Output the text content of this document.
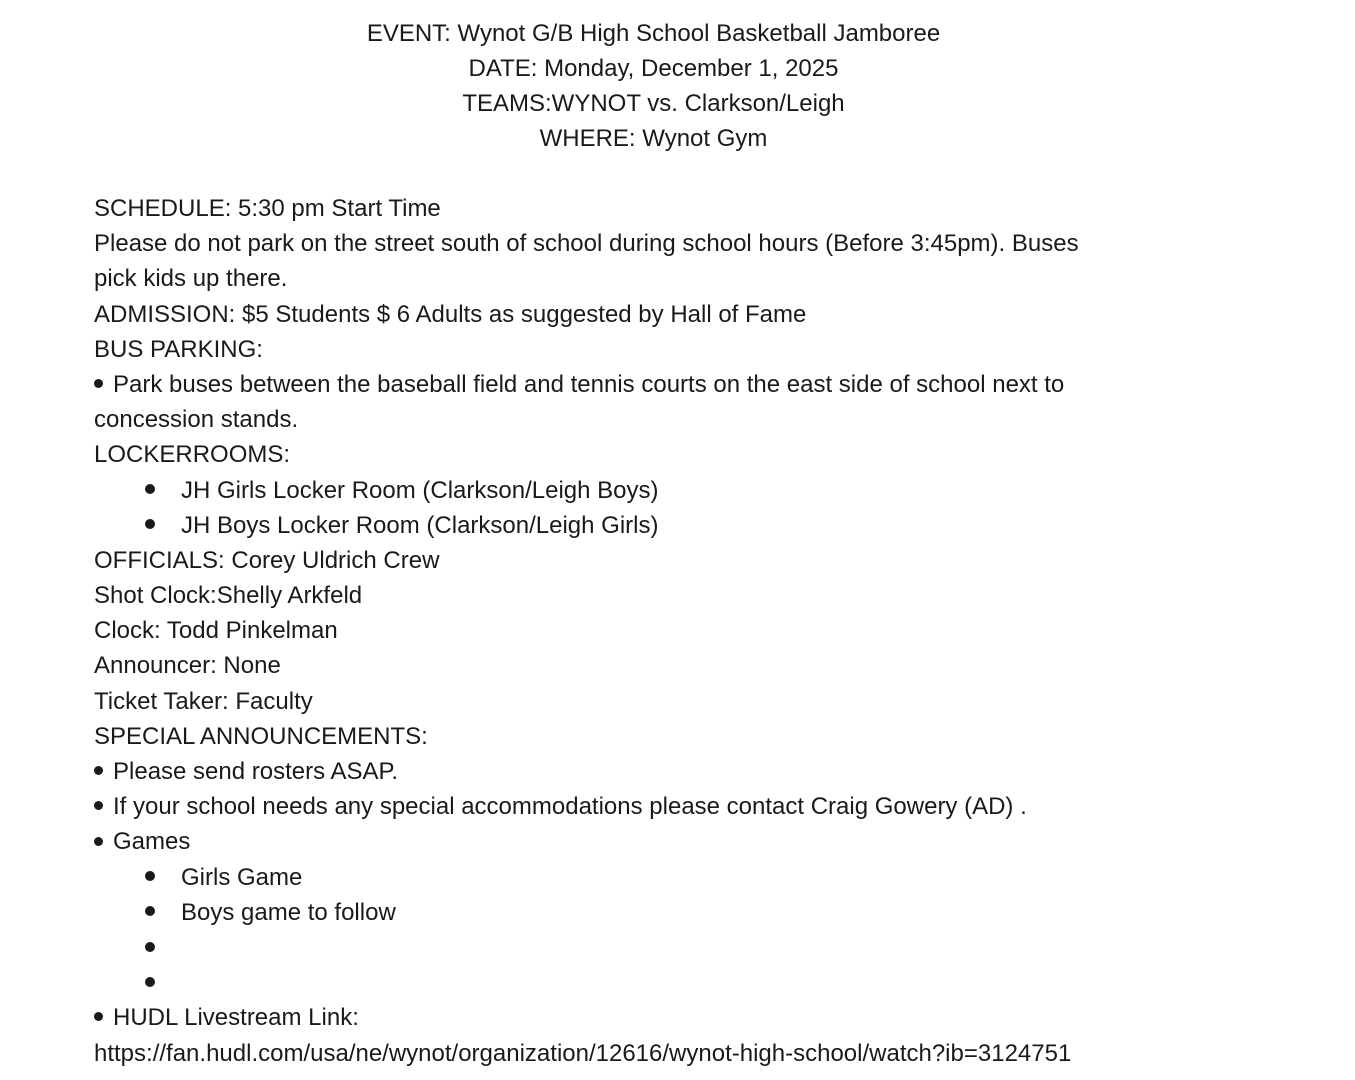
EVENT: Wynot G/B High School Basketball Jamboree
DATE: Monday, December 1, 2025
TEAMS:WYNOT vs. Clarkson/Leigh
WHERE: Wynot Gym
SCHEDULE: 5:30 pm Start Time
Please do not park on the street south of school during school hours (Before 3:45pm). Buses
pick kids up there.
ADMISSION: $5 Students $ 6 Adults as suggested by Hall of Fame
BUS PARKING:
Park buses between the baseball field and tennis courts on the east side of school next to
concession stands.
LOCKERROOMS:
JH Girls Locker Room (Clarkson/Leigh Boys)
JH Boys Locker Room (Clarkson/Leigh Girls)
OFFICIALS: Corey Uldrich Crew
Shot Clock:Shelly Arkfeld
Clock: Todd Pinkelman
Announcer: None
Ticket Taker: Faculty
SPECIAL ANNOUNCEMENTS:
Please send rosters ASAP.
If your school needs any special accommodations please contact Craig Gowery (AD) .
Games
Girls Game
Boys game to follow
HUDL Livestream Link:
https://fan.hudl.com/usa/ne/wynot/organization/12616/wynot-high-school/watch?ib=3124751
